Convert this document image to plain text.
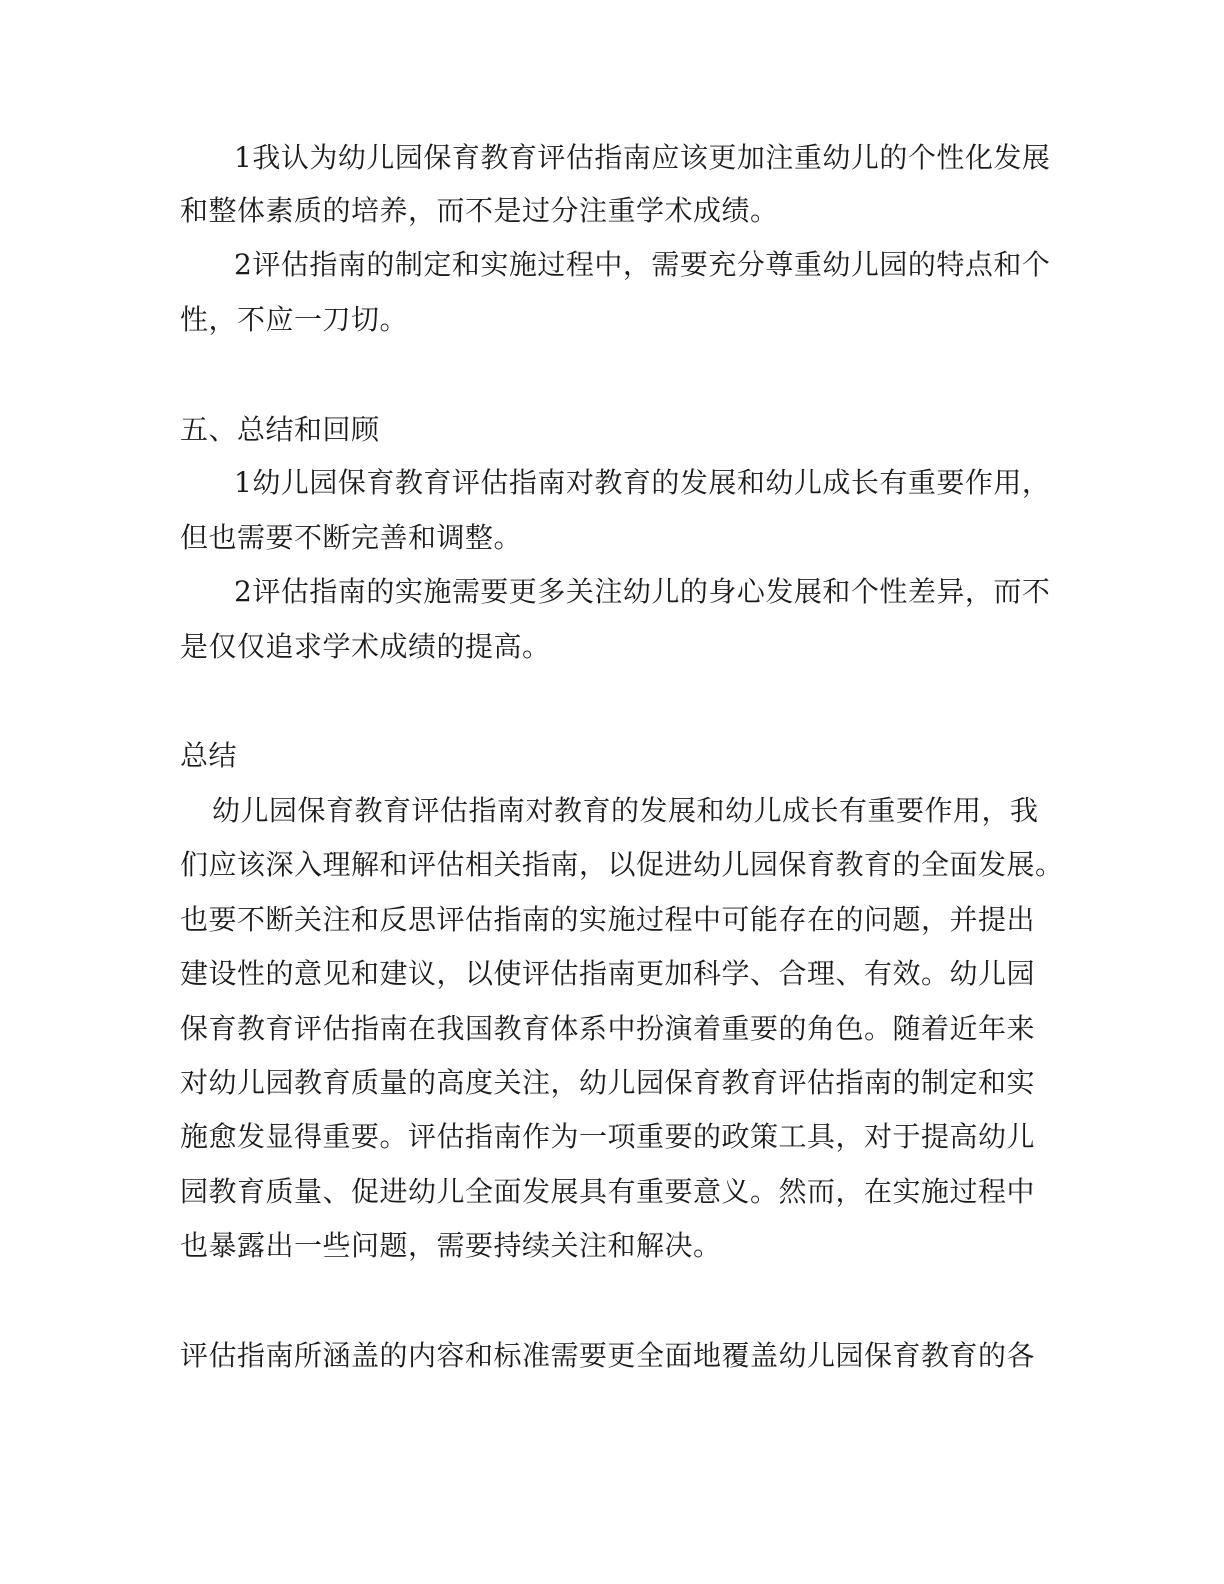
1我认为幼儿园保育教育评估指南应该更加注重幼儿的个性化发展
和整体素质的培养，而不是过分注重学术成绩。
2评估指南的制定和实施过程中，需要充分尊重幼儿园的特点和个
性，不应一刀切。
五、总结和回顾
1幼儿园保育教育评估指南对教育的发展和幼儿成长有重要作用，
但也需要不断完善和调整。
2评估指南的实施需要更多关注幼儿的身心发展和个性差异，而不
是仅仅追求学术成绩的提高。
总结
幼儿园保育教育评估指南对教育的发展和幼儿成长有重要作用，我
们应该深入理解和评估相关指南，以促进幼儿园保育教育的全面发展。
也要不断关注和反思评估指南的实施过程中可能存在的问题，并提出
建设性的意见和建议，以使评估指南更加科学、合理、有效。幼儿园
保育教育评估指南在我国教育体系中扮演着重要的角色。随着近年来
对幼儿园教育质量的高度关注，幼儿园保育教育评估指南的制定和实
施愈发显得重要。评估指南作为一项重要的政策工具，对于提高幼儿
园教育质量、促进幼儿全面发展具有重要意义。然而，在实施过程中
也暴露出一些问题，需要持续关注和解决。
评估指南所涵盖的内容和标准需要更全面地覆盖幼儿园保育教育的各
